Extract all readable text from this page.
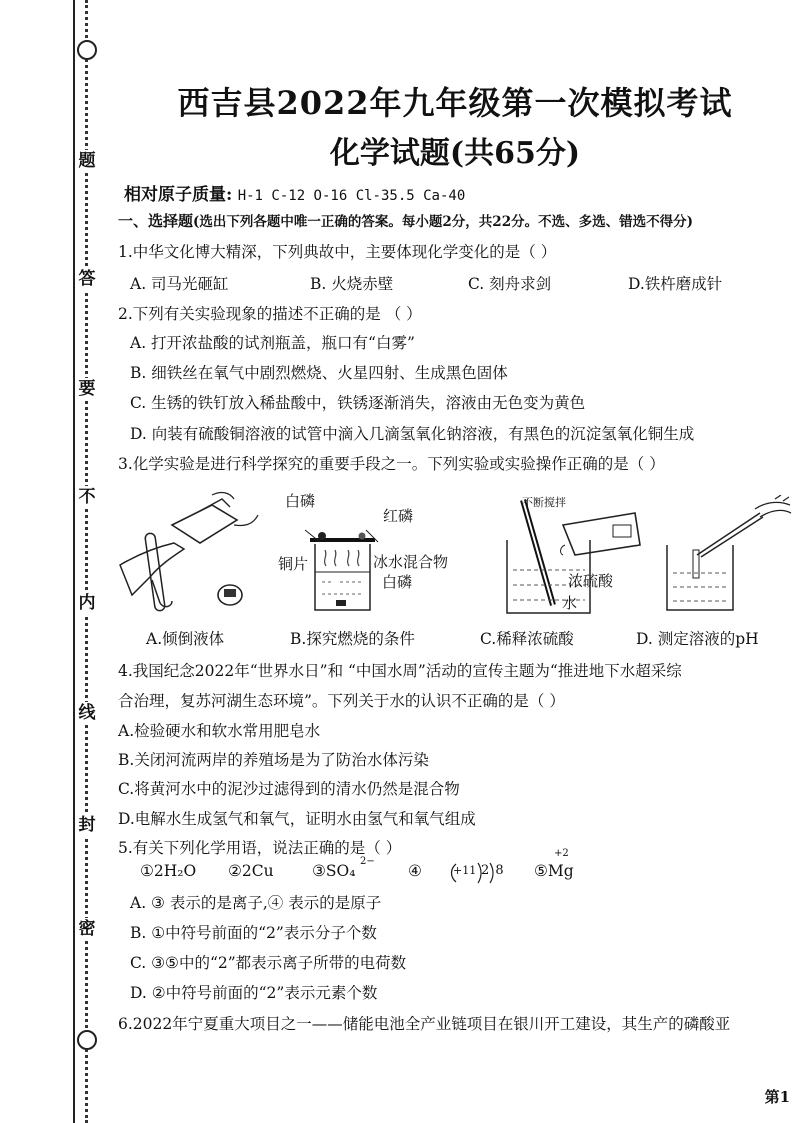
题
答
要
不
内
线
封
密
西吉县2022年九年级第一次模拟考试
化学试题(共65分)
相对原子质量: H-1 C-12 O-16 Cl-35.5 Ca-40
一、选择题(选出下列各题中唯一正确的答案。每小题2分，共22分。不选、多选、错选不得分)
1.中华文化博大精深，下列典故中，主要体现化学变化的是（ ）
A. 司马光砸缸	B. 火烧赤壁	C. 刻舟求剑	D.铁杵磨成针
2.下列有关实验现象的描述不正确的是 （ ）
A. 打开浓盐酸的试剂瓶盖，瓶口有“白雾”
B. 细铁丝在氧气中剧烈燃烧、火星四射、生成黑色固体
C. 生锈的铁钉放入稀盐酸中，铁锈逐渐消失，溶液由无色变为黄色
D. 向装有硫酸铜溶液的试管中滴入几滴氢氧化钠溶液，有黑色的沉淀氢氧化铜生成
3.化学实验是进行科学探究的重要手段之一。下列实验或实验操作正确的是（ ）
白磷
红磷
铜片	冰水混合物
白磷
不断搅拌
浓硫酸
水
A.倾倒液体	B.探究燃烧的条件	C.稀释浓硫酸	D. 测定溶液的pH
4.我国纪念2022年“世界水日”和 “中国水周”活动的宣传主题为“推进地下水超采综
合治理，复苏河湖生态环境”。下列关于水的认识不正确的是（ ）
A.检验硬水和软水常用肥皂水
B.关闭河流两岸的养殖场是为了防治水体污染
C.将黄河水中的泥沙过滤得到的清水仍然是混合物
D.电解水生成氢气和氧气，证明水由氢气和氧气组成
5.有关下列化学用语，说法正确的是（ ）
①2H₂O ②2Cu ③SO₄
2−
④	+11 2 8 ⑤Mg
+2
A. ③ 表示的是离子,④ 表示的是原子
B. ①中符号前面的“2”表示分子个数
C. ③⑤中的“2”都表示离子所带的电荷数
D. ②中符号前面的“2”表示元素个数
6.2022年宁夏重大项目之一——储能电池全产业链项目在银川开工建设，其生产的磷酸亚
第1
